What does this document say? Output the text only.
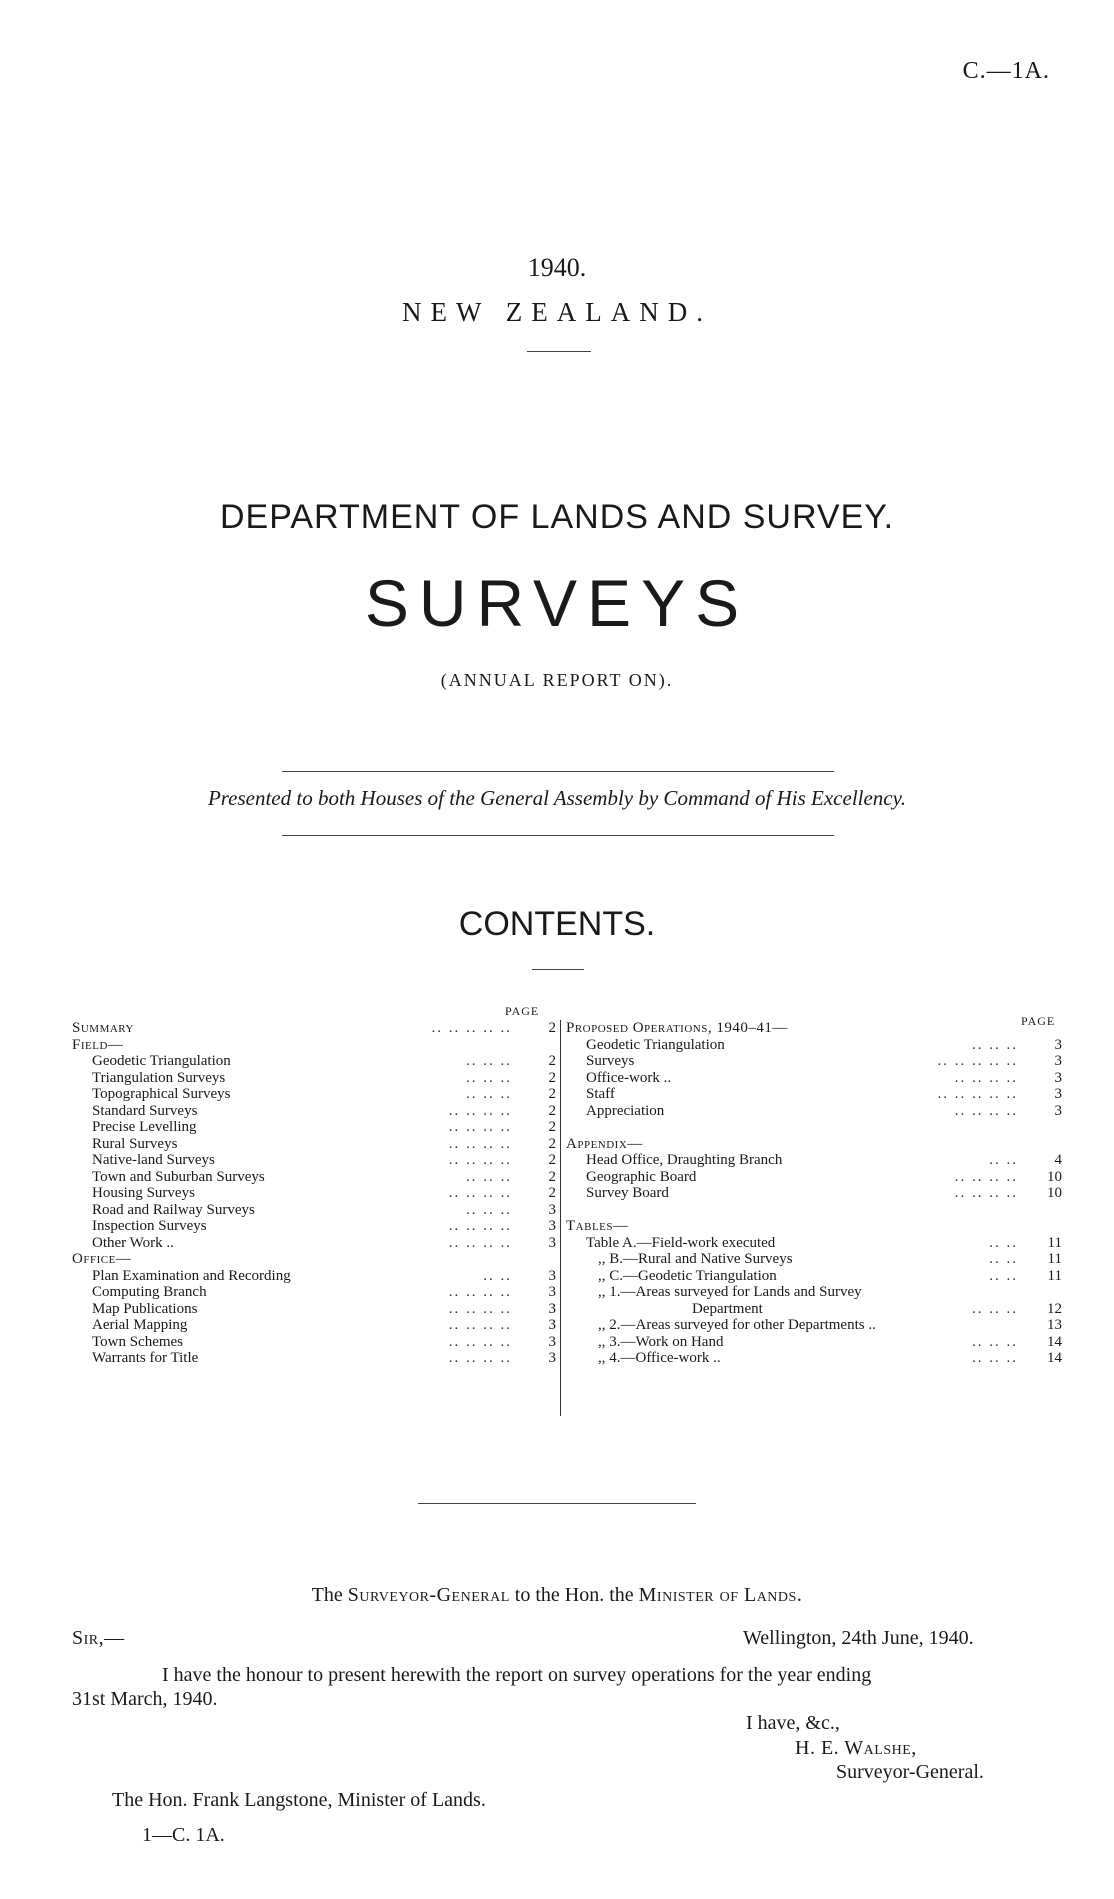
C.—1A.
1940.
NEW ZEALAND.
DEPARTMENT OF LANDS AND SURVEY.
SURVEYS
(ANNUAL REPORT ON).
Presented to both Houses of the General Assembly by Command of His Excellency.
CONTENTS.
PAGE
PAGE
Summary	.. .. .. .. ..	2
Field—
Geodetic Triangulation	.. .. ..	2
Triangulation Surveys	.. .. ..	2
Topographical Surveys	.. .. ..	2
Standard Surveys	.. .. .. ..	2
Precise Levelling	.. .. .. ..	2
Rural Surveys	.. .. .. ..	2
Native-land Surveys	.. .. .. ..	2
Town and Suburban Surveys	.. .. ..	2
Housing Surveys	.. .. .. ..	2
Road and Railway Surveys	.. .. ..	3
Inspection Surveys	.. .. .. ..	3
Other Work ..	.. .. .. ..	3
Office—
Plan Examination and Recording	.. ..	3
Computing Branch	.. .. .. ..	3
Map Publications	.. .. .. ..	3
Aerial Mapping	.. .. .. ..	3
Town Schemes	.. .. .. ..	3
Warrants for Title	.. .. .. ..	3
Proposed Operations, 1940–41—
Geodetic Triangulation	.. .. ..	3
Surveys	.. .. .. .. ..	3
Office-work ..	.. .. .. ..	3
Staff	.. .. .. .. ..	3
Appreciation	.. .. .. ..	3
Appendix—
Head Office, Draughting Branch	.. ..	4
Geographic Board	.. .. .. ..	10
Survey Board	.. .. .. ..	10
Tables—
Table A.—Field-work executed	.. ..	11
,, B.—Rural and Native Surveys	.. ..	11
,, C.—Geodetic Triangulation	.. ..	11
,, 1.—Areas surveyed for Lands and Survey
Department	.. .. ..	12
,, 2.—Areas surveyed for other Departments ..	13
,, 3.—Work on Hand	.. .. ..	14
,, 4.—Office-work ..	.. .. ..	14
The Surveyor-General to the Hon. the Minister of Lands.
Sir,—	Wellington, 24th June, 1940.
I have the honour to present herewith the report on survey operations for the year ending
31st March, 1940.
I have, &c.,
H. E. Walshe,
Surveyor-General.
The Hon. Frank Langstone, Minister of Lands.
1—C. 1A.
